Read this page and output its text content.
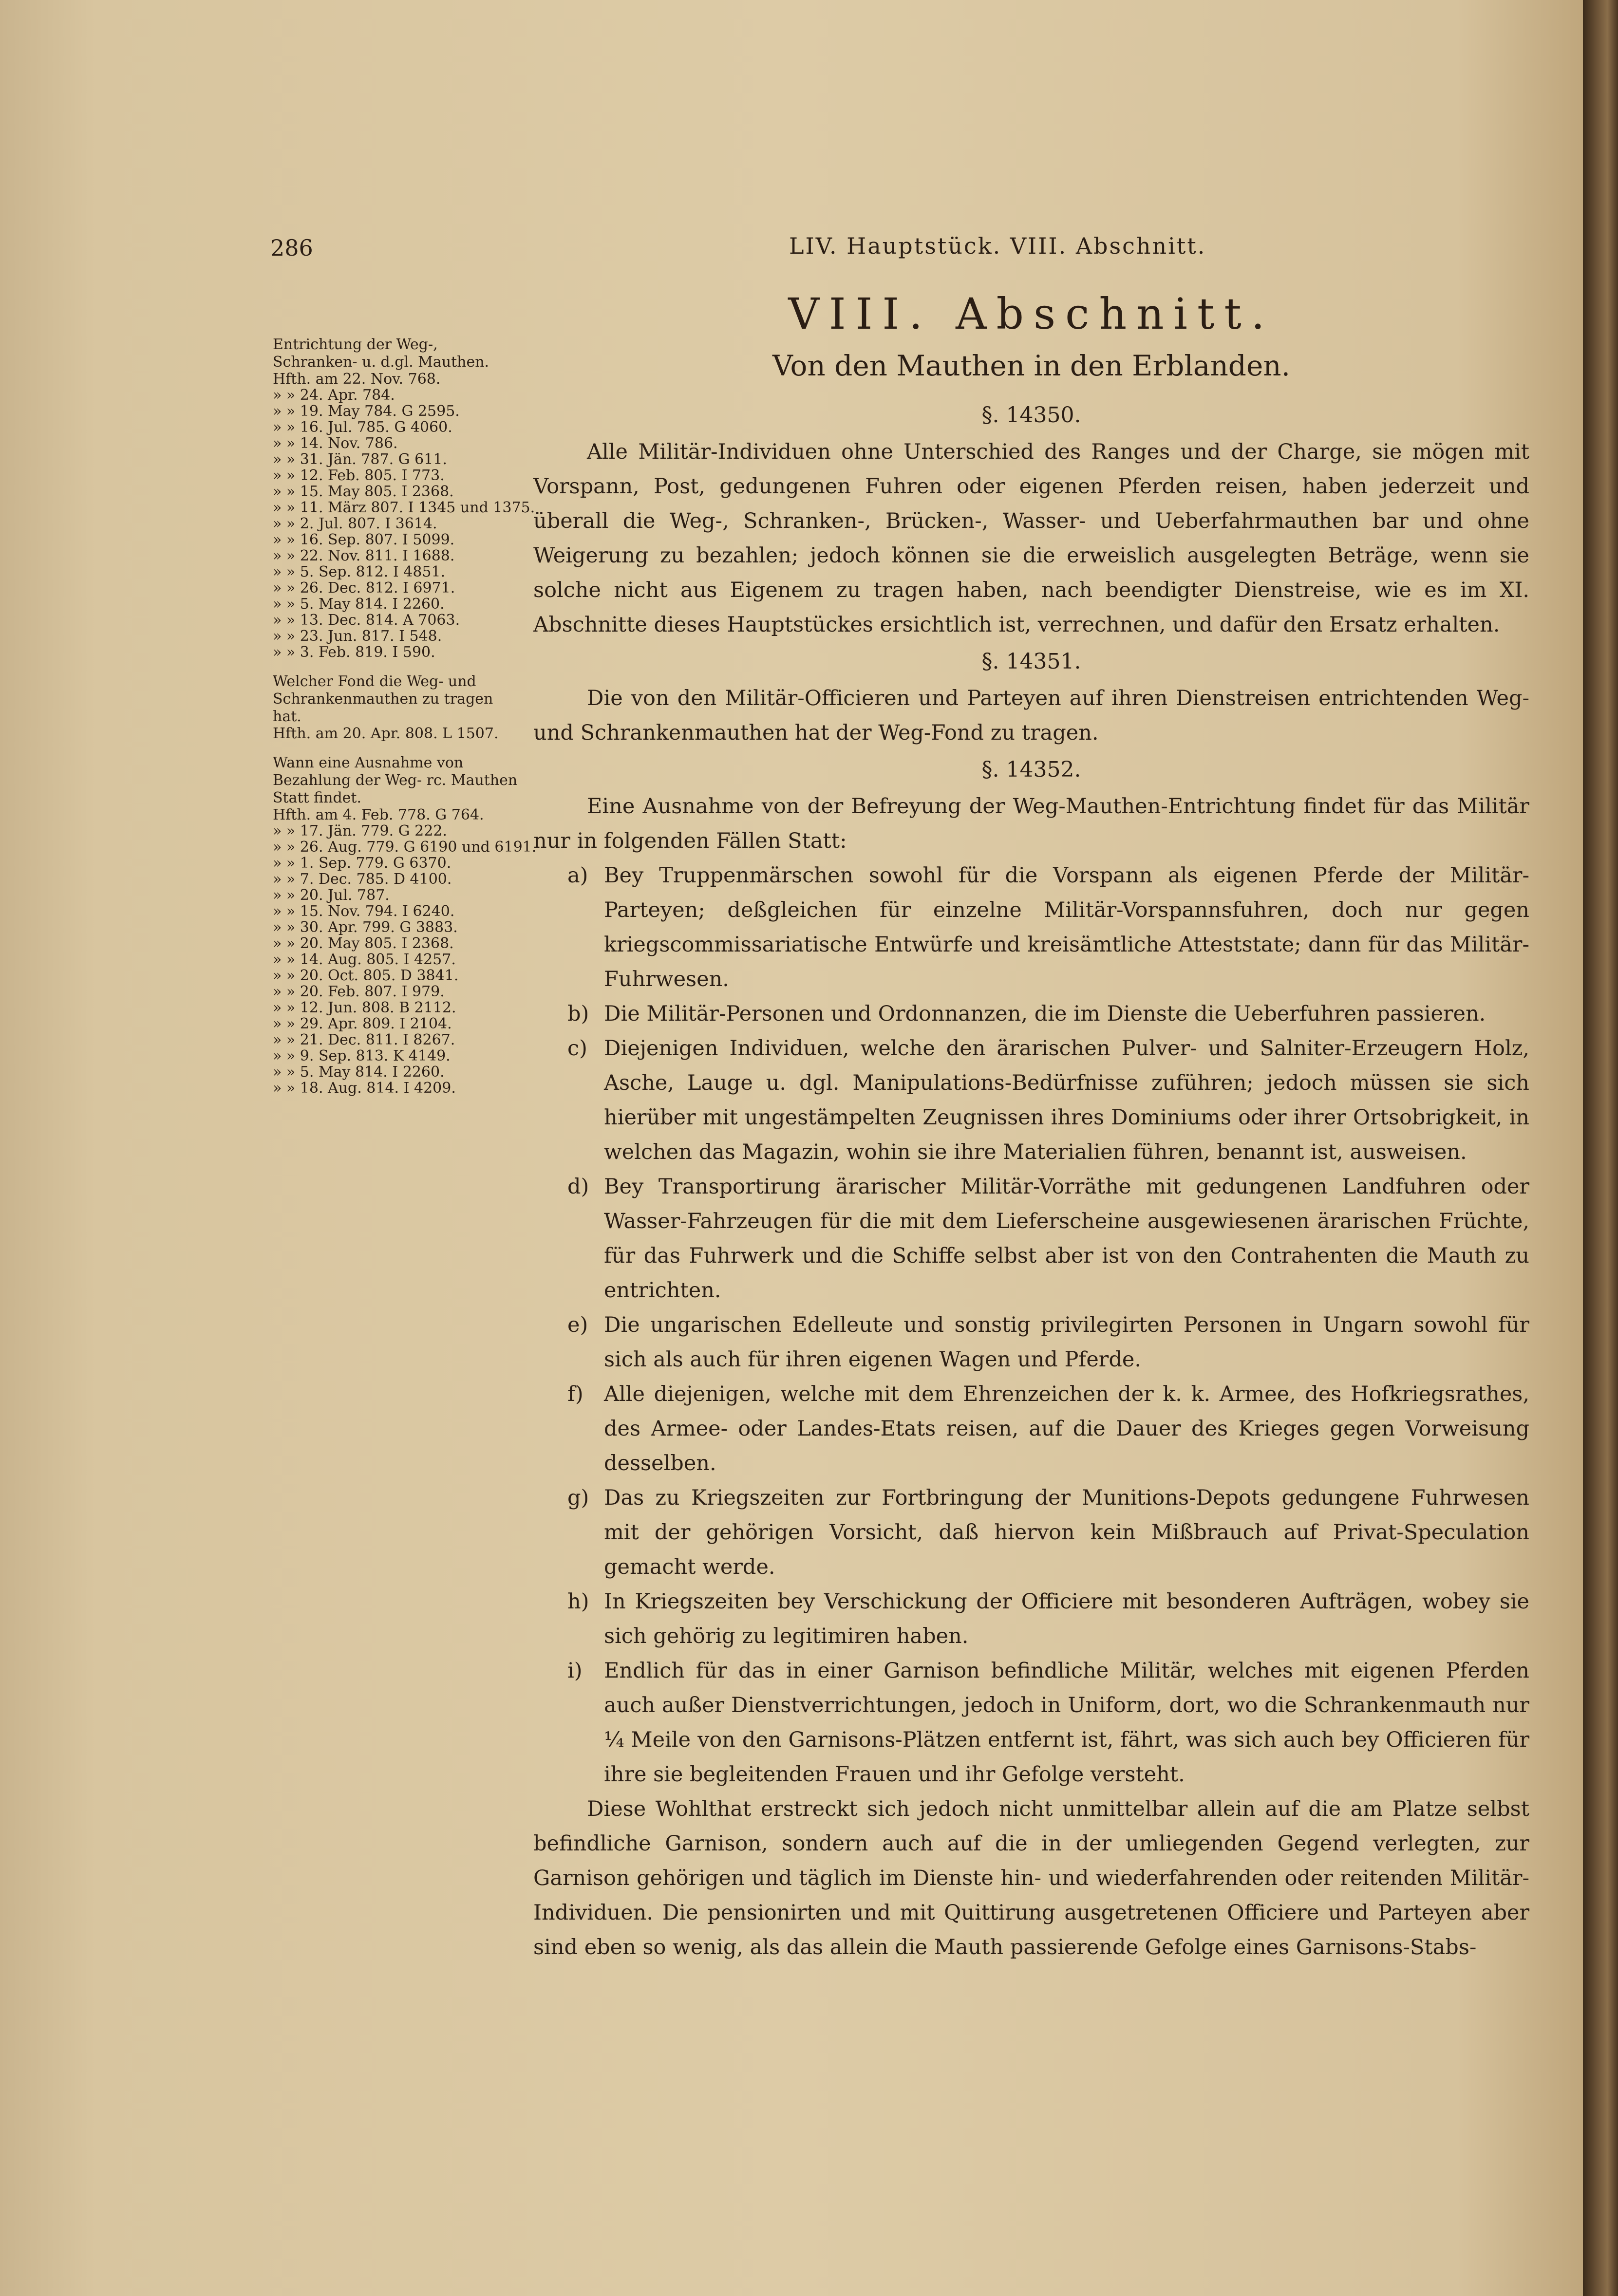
286	LIV. Hauptstück. VIII. Abschnitt.
Entrichtung der Weg-, Schranken- u. d.gl. Mauthen.
Hfth. am 22. Nov. 768.
» » 24. Apr. 784.
» » 19. May 784. G 2595.
» » 16. Jul. 785. G 4060.
» » 14. Nov. 786.
» » 31. Jän. 787. G 611.
» » 12. Feb. 805. I 773.
» » 15. May 805. I 2368.
» » 11. März 807. I 1345 und 1375.
» » 2. Jul. 807. I 3614.
» » 16. Sep. 807. I 5099.
» » 22. Nov. 811. I 1688.
» » 5. Sep. 812. I 4851.
» » 26. Dec. 812. I 6971.
» » 5. May 814. I 2260.
» » 13. Dec. 814. A 7063.
» » 23. Jun. 817. I 548.
» » 3. Feb. 819. I 590.
Welcher Fond die Weg- und Schrankenmauthen zu tragen hat.
Hfth. am 20. Apr. 808. L 1507.
Wann eine Ausnahme von Bezahlung der Weg- rc. Mauthen Statt findet.
Hfth. am 4. Feb. 778. G 764.
» » 17. Jän. 779. G 222.
» » 26. Aug. 779. G 6190 und 6191.
» » 1. Sep. 779. G 6370.
» » 7. Dec. 785. D 4100.
» » 20. Jul. 787.
» » 15. Nov. 794. I 6240.
» » 30. Apr. 799. G 3883.
» » 20. May 805. I 2368.
» » 14. Aug. 805. I 4257.
» » 20. Oct. 805. D 3841.
» » 20. Feb. 807. I 979.
» » 12. Jun. 808. B 2112.
» » 29. Apr. 809. I 2104.
» » 21. Dec. 811. I 8267.
» » 9. Sep. 813. K 4149.
» » 5. May 814. I 2260.
» » 18. Aug. 814. I 4209.
VIII. Abschnitt.
Von den Mauthen in den Erblanden.
§. 14350.

Alle Militär-Individuen ohne Unterschied des Ranges und der Charge, sie mögen mit Vorspann, Post, gedungenen Fuhren oder eigenen Pferden reisen, haben jederzeit und überall die Weg-, Schranken-, Brücken-, Wasser- und Ueberfahrmauthen bar und ohne Weigerung zu bezahlen; jedoch können sie die erweislich ausgelegten Beträge, wenn sie solche nicht aus Eigenem zu tragen haben, nach beendigter Dienstreise, wie es im XI. Abschnitte dieses Hauptstückes ersichtlich ist, verrechnen, und dafür den Ersatz erhalten.

§. 14351.

Die von den Militär-Officieren und Parteyen auf ihren Dienstreisen entrichtenden Weg- und Schrankenmauthen hat der Weg-Fond zu tragen.

§. 14352.

Eine Ausnahme von der Befreyung der Weg-Mauthen-Entrichtung findet für das Militär nur in folgenden Fällen Statt:

a) Bey Truppenmärschen sowohl für die Vorspann als eigenen Pferde der Militär-Parteyen; deßgleichen für einzelne Militär-Vorspannsfuhren, doch nur gegen kriegscommissariatische Entwürfe und kreisämtliche Atteststate; dann für das Militär-Fuhrwesen.

b) Die Militär-Personen und Ordonnanzen, die im Dienste die Ueberfuhren passieren.

c) Diejenigen Individuen, welche den ärarischen Pulver- und Salniter-Erzeugern Holz, Asche, Lauge u. dgl. Manipulations-Bedürfnisse zuführen; jedoch müssen sie sich hierüber mit ungestämpelten Zeugnissen ihres Dominiums oder ihrer Ortsobrigkeit, in welchen das Magazin, wohin sie ihre Materialien führen, benannt ist, ausweisen.

d) Bey Transportirung ärarischer Militär-Vorräthe mit gedungenen Landfuhren oder Wasser-Fahrzeugen für die mit dem Lieferscheine ausgewiesenen ärarischen Früchte, für das Fuhrwerk und die Schiffe selbst aber ist von den Contrahenten die Mauth zu entrichten.

e) Die ungarischen Edelleute und sonstig privilegirten Personen in Ungarn sowohl für sich als auch für ihren eigenen Wagen und Pferde.

f) Alle diejenigen, welche mit dem Ehrenzeichen der k. k. Armee, des Hofkriegsrathes, des Armee- oder Landes-Etats reisen, auf die Dauer des Krieges gegen Vorweisung desselben.

g) Das zu Kriegszeiten zur Fortbringung der Munitions-Depots gedungene Fuhrwesen mit der gehörigen Vorsicht, daß hiervon kein Mißbrauch auf Privat-Speculation gemacht werde.

h) In Kriegszeiten bey Verschickung der Officiere mit besonderen Aufträgen, wobey sie sich gehörig zu legitimiren haben.

i) Endlich für das in einer Garnison befindliche Militär, welches mit eigenen Pferden auch außer Dienstverrichtungen, jedoch in Uniform, dort, wo die Schrankenmauth nur ¼ Meile von den Garnisons-Plätzen entfernt ist, fährt, was sich auch bey Officieren für ihre sie begleitenden Frauen und ihr Gefolge versteht.

Diese Wohlthat erstreckt sich jedoch nicht unmittelbar allein auf die am Platze selbst befindliche Garnison, sondern auch auf die in der umliegenden Gegend verlegten, zur Garnison gehörigen und täglich im Dienste hin- und wiederfahrenden oder reitenden Militär-Individuen. Die pensionirten und mit Quittirung ausgetretenen Officiere und Parteyen aber sind eben so wenig, als das allein die Mauth passierende Gefolge eines Garnisons-Stabs-
